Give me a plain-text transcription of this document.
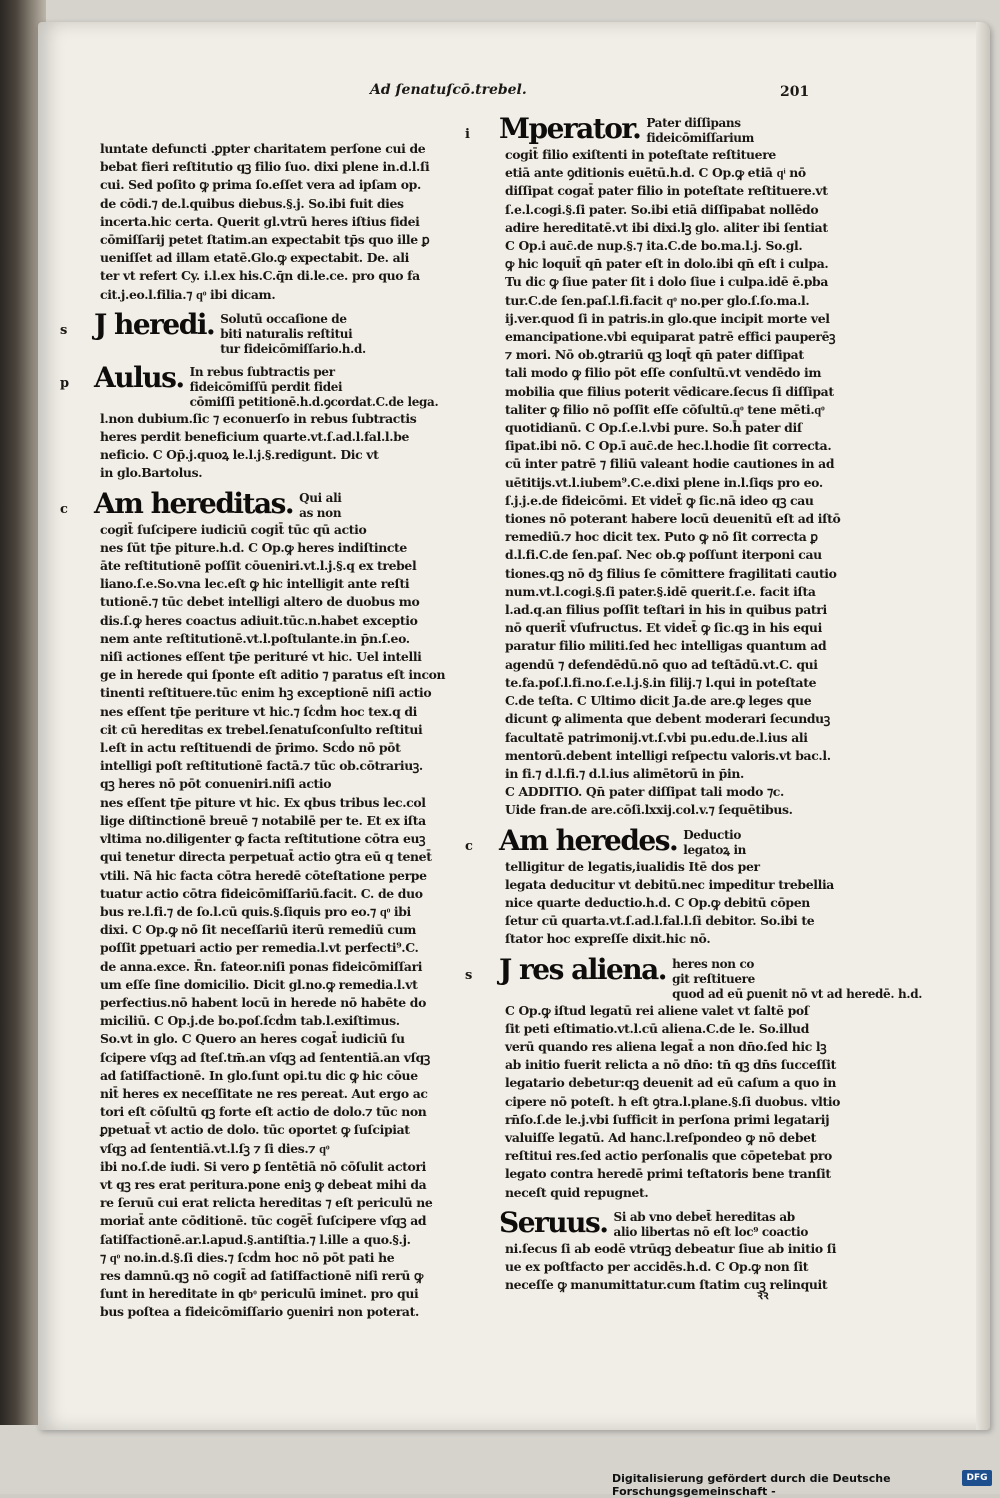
Ad ſenatuſcō.trebel.	201
luntate defuncti .ꝑpter charitatem perſone cui de
bebat fieri reſtitutio qꝫ filio ſuo. dixi plene in.d.l.ſi
cui. Sed poſito ꝙ prima ſo.eſſet vera ad ipſam op.
de cōdi.⁊ de.l.quibus diebus.§.j. So.ibi fuit dies
incerta.hic certa. Querit gl.vtrū heres iſtius fidei
cōmiſſarij petet ſtatim.an expectabit tp̄s quo ille ꝑ
ueniſſet ad illam etatē.Glo.ꝙ expectabit. De. ali
ter vt refert Cy. i.l.ex his.C.q̄n di.le.ce. pro quo fa
cit.j.eo.l.filia.⁊ qͦ ibi dicam.
s J heredi. Solutū occaſione de
biti naturalis reſtitui
tur fideicōmiſſario.h.d.
p Aulus. In rebus ſubtractis per
fideicōmiſſū perdit fidei
cōmiſſi petitionē.h.d.ꝯcordat.C.de lega.
l.non dubium.ſic ⁊ econuerſo in rebus ſubtractis
heres perdit beneficium quarte.vt.ſ.ad.l.fal.l.be
neficio. C Op̄.j.quoꝝ le.l.j.§.redigunt. Dic vt
in glo.Bartolus.
c Am hereditas. Qui ali
as non
cogit̄ ſuſcipere iudiciū cogit̄ tūc qū actio
nes ſūt tp̄e piture.h.d. C Op.ꝙ heres indiſtincte
āte reſtitutionē poſſit cōueniri.vt.l.j.§.q ex trebel
liano.ſ.e.So.vna lec.eſt ꝙ hic intelligit ante reſti
tutionē.⁊ tūc debet intelligi altero de duobus mo
dis.ſ.ꝙ heres coactus adiuit.tūc.n.habet exceptio
nem ante reſtitutionē.vt.l.poſtulante.in p̄n.ſ.eo.
niſi actiones eſſent tp̄e perituré vt hic. Uel intelli
ge in herede qui ſponte eſt aditio ⁊ paratus eſt incon
tinenti reſtituere.tūc enim hꝫ exceptionē niſi actio
nes eſſent tp̄e periture vt hic.⁊ ſcḋm hoc tex.q di
cit cū hereditas ex trebel.ſenatuſconſulto reſtitui
l.eſt in actu reſtituendi de p̄rimo. Scḋo nō pōt
intelligi poſt reſtitutionē factā.⁊ tūc ob.cōtrariuꝫ.
qꝫ heres nō pōt conueniri.niſi actio
nes eſſent tp̄e piture vt hic. Ex qbus tribus lec.col
lige diſtinctionē breuē ⁊ notabilē per te. Et ex iſta
vltima no.diligenter ꝙ facta reſtitutione cōtra euꝫ
qui tenetur directa perpetuat̄ actio ꝯtra eū q tenet̄
vtili. Nā hic facta cōtra heredē cōteſtatione perpe
tuatur actio cōtra fideicōmiſſariū.facit. C. de duo
bus re.l.fi.⁊ de ſo.l.cū quis.§.ſiquis pro eo.⁊ qͦ ibi
dixi. C Op.ꝙ nō ſit neceſſariū iterū remediū cum
poſſit ꝑpetuari actio per remedia.l.vt perfecti⁹.C.
de anna.exce. R̄n. fateor.niſi ponas fideicōmiſſari
um eſſe ſine domicilio. Dicit gl.no.ꝙ remedia.l.vt
perfectius.nō habent locū in herede nō habēte do
miciliū. C Op.j.de bo.poſ.ſcḋm tab.l.exiſtimus.
So.vt in glo. C Quero an heres cogat̄ iudiciū ſu
ſcipere vſqꝫ ad ſteſ.tm̄.an vſqꝫ ad ſententiā.an vſqꝫ
ad ſatiſfactionē. In glo.ſunt opi.tu dic ꝙ hic cōue
nit̄ heres ex neceſſitate ne res pereat. Aut ergo ac
tori eſt cōſultū qꝫ forte eſt actio de dolo.⁊ tūc non
ꝑpetuat̄ vt actio de dolo. tūc oportet ꝙ ſuſcipiat
vſqꝫ ad ſententiā.vt.l.ſꝫ ⁊ ſi dies.⁊ qͦ
ibi no.ſ.de iudi. Si vero ꝑ ſentētiā nō cōſulit actori
vt qꝫ res erat peritura.pone eniꝫ ꝙ debeat mihi da
re ſeruū cui erat relicta hereditas ⁊ eſt periculū ne
moriat̄ ante cōditionē. tūc cogēt̄ ſuſcipere vſqꝫ ad
ſatiſfactionē.ar.l.apud.§.antiſtia.⁊ l.ille a quo.§.j.
⁊ qͦ no.in.d.§.ſi dies.⁊ ſcḋm hoc nō pōt pati he
res damnū.qꝫ nō cogit̄ ad ſatiſfactionē niſi rerū ꝙ
ſunt in hereditate in qbͦ periculū iminet. pro qui
bus poſtea a fideicōmiſſario ꝯueniri non poterat.
i	Mperator. Pater diſſipans
fideicōmiſſarium
cogit̄ filio exiſtenti in poteſtate reſtituere
etiā ante ꝯditionis euētū.h.d. C Op.ꝙ etiā qͥ nō
diſſipat cogat̄ pater filio in poteſtate reſtituere.vt
ſ.e.l.cogi.§.ſi pater. So.ibi etiā diſſipabat nollēdo
adire hereditatē.vt ibi dixi.lꝫ glo. aliter ibi ſentiat
C Op.i auc̄.de nup.§.⁊ ita.C.de bo.ma.l.j. So.gl.
ꝙ hic loquit̄ qn̄ pater eſt in dolo.ibi qn̄ eſt i culpa.
Tu dic ꝙ ſiue pater ſit i dolo ſiue i culpa.idē ē.pba
tur.C.de ſen.paſ.l.fi.facit qͦ no.per glo.ſ.ſo.ma.l.
ij.ver.quod ſi in patris.in glo.que incipit morte vel
emancipatione.vbi equiparat patrē effici pauperēꝫ
⁊ mori. Nō ob.ꝯtrariū qꝫ loqt̄ qn̄ pater diſſipat
tali modo ꝙ filio pōt eſſe conſultū.vt vendēdo im
mobilia que filius poterit vēdicare.ſecus ſi diſſipat
taliter ꝙ filio nō poſſit eſſe cōſultū.qͦ tene mēti.qͦ
quotidianū. C Op.ſ.e.l.vbi pure. So.h̄ pater diſ
ſipat.ibi nō. C Op.ī auc̄.de hec.l.hodie ſit correcta.
cū inter patrē ⁊ filiū valeant hodie cautiones in ad
uētitijs.vt.l.iubem⁹.C.e.dixi plene in.l.ſiqs pro eo.
ſ.j.j.e.de fideicōmi. Et videt̄ ꝙ ſic.nā ideo qꝫ cau
tiones nō poterant habere locū deuenitū eſt ad iſtō
remediū.⁊ hoc dicit tex. Puto ꝙ nō ſit correcta ꝑ
d.l.fi.C.de ſen.paſ. Nec ob.ꝙ poſſunt iterponi cau
tiones.qꝫ nō dꝫ filius ſe cōmittere fragilitati cautio
num.vt.l.cogi.§.ſi pater.§.idē querit.ſ.e. facit iſta
l.ad.q.an filius poſſit teſtari in his in quibus patri
nō querit̄ vſufructus. Et videt̄ ꝙ ſic.qꝫ in his equi
paratur filio militi.ſed hec intelligas quantum ad
agendū ⁊ defendēdū.nō quo ad teſtādū.vt.C. qui
te.fa.poſ.l.fi.no.ſ.e.l.j.§.in filij.⁊ l.qui in poteſtate
C.de teſta. C Ultimo dicit Ja.de are.ꝙ leges que
dicunt ꝙ alimenta que debent moderari ſecunduꝫ
facultatē patrimonij.vt.ſ.vbi pu.edu.de.l.ius ali
mentorū.debent intelligi reſpectu valoris.vt bac.l.
in fi.⁊ d.l.fi.⁊ d.l.ius alimētorū in p̄in.
C ADDITIO. Qn̄ pater diſſipat tali modo ⁊c.
Uide fran.de are.cōſi.lxxij.col.v.⁊ ſequētibus.
c Am heredes. Deductio
legatoꝝ in
telligitur de legatis,iualidis Itē dos per
legata deducitur vt debitū.nec impeditur trebellia
nice quarte deductio.h.d. C Op.ꝙ debitū cōpen
ſetur cū quarta.vt.ſ.ad.l.fal.l.ſi debitor. So.ibi te
ſtator hoc expreſſe dixit.hic nō.
s J res aliena. heres non co
git reſtituere
quod ad eū ꝑuenit nō vt ad heredē. h.d.
C Op.ꝙ iſtud legatū rei aliene valet vt ſaltē poſ
ſit peti eſtimatio.vt.l.cū aliena.C.de le. So.illud
verū quando res aliena legat̄ a non dn̄o.ſed hic lꝫ
ab initio fuerit relicta a nō dn̄o: tn̄ qꝫ dn̄s ſucceſſit
legatario debetur:qꝫ deuenit ad eū caſum a quo in
cipere nō poteſt. h eſt ꝯtra.l.plane.§.ſi duobus. vltio
rn̄ſo.ſ.de le.j.vbi ſufficit in perſona primi legatarij
valuiſſe legatū. Ad hanc.l.reſpondeo ꝙ nō debet
reſtitui res.ſed actio perſonalis que cōpetebat pro
legato contra heredē primi teſtatoris bene tranſit
neceſt quid repugnet.
Seruus. Si ab vno debet̄ hereditas ab
alio libertas nō eſt loc⁹ coactio
ni.ſecus ſi ab eodē vtrūqꝫ debeatur ſiue ab initio ſi
ue ex poſtfacto per accidēs.h.d. C Op.ꝙ non ſit
neceſſe ꝙ manumittatur.cum ſtatim cuꝫ relinquit
ꝛꝛ
Digitalisierung gefördert durch die Deutsche Forschungsgemeinschaft -
DFG
